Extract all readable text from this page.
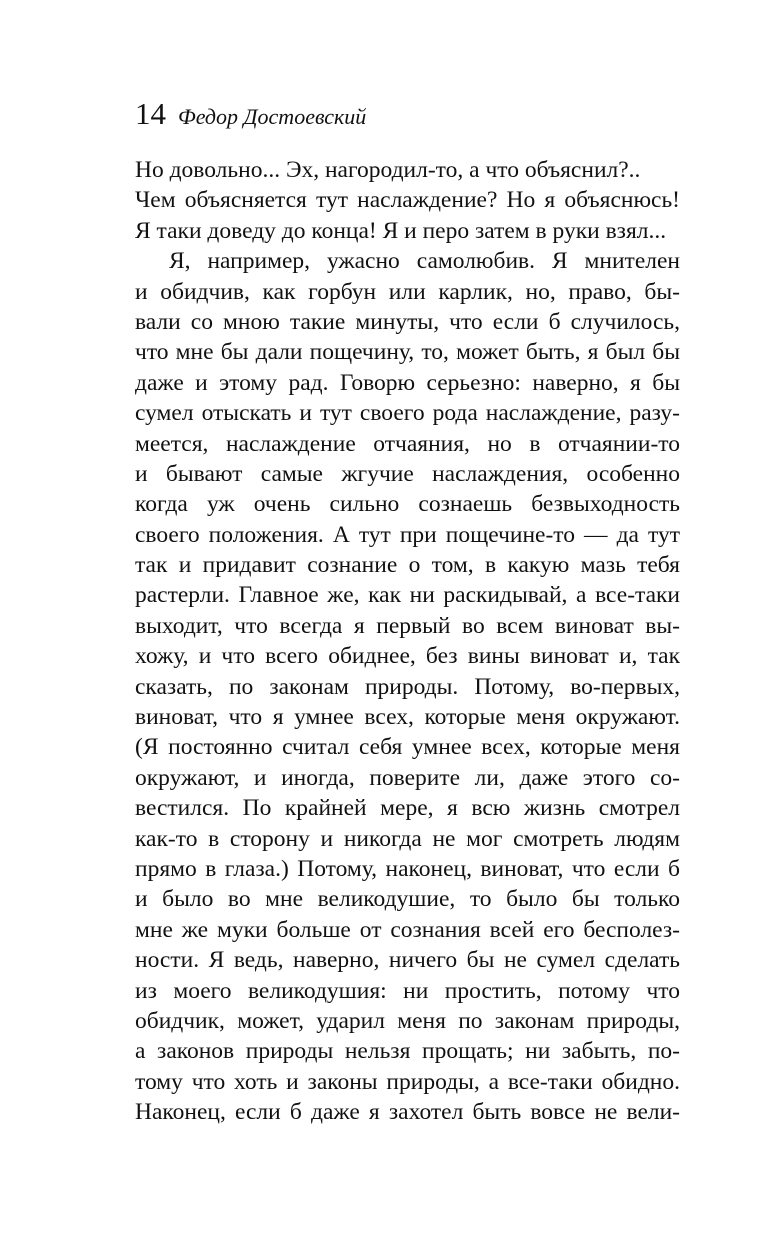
14 Федор Достоевский
Но довольно... Эх, нагородил-то, а что объяснил?..
Чем объясняется тут наслаждение? Но я объяснюсь!
Я таки доведу до конца! Я и перо затем в руки взял...
Я, например, ужасно самолюбив. Я мнителен
и обидчив, как горбун или карлик, но, право, бы-
вали со мною такие минуты, что если б случилось,
что мне бы дали пощечину, то, может быть, я был бы
даже и этому рад. Говорю серьезно: наверно, я бы
сумел отыскать и тут своего рода наслаждение, разу-
меется, наслаждение отчаяния, но в отчаянии-то
и бывают самые жгучие наслаждения, особенно
когда уж очень сильно сознаешь безвыходность
своего положения. А тут при пощечине-то — да тут
так и придавит сознание о том, в какую мазь тебя
растерли. Главное же, как ни раскидывай, а все-таки
выходит, что всегда я первый во всем виноват вы-
хожу, и что всего обиднее, без вины виноват и, так
сказать, по законам природы. Потому, во-первых,
виноват, что я умнее всех, которые меня окружают.
(Я постоянно считал себя умнее всех, которые меня
окружают, и иногда, поверите ли, даже этого со-
вестился. По крайней мере, я всю жизнь смотрел
как-то в сторону и никогда не мог смотреть людям
прямо в глаза.) Потому, наконец, виноват, что если б
и было во мне великодушие, то было бы только
мне же муки больше от сознания всей его бесполез-
ности. Я ведь, наверно, ничего бы не сумел сделать
из моего великодушия: ни простить, потому что
обидчик, может, ударил меня по законам природы,
а законов природы нельзя прощать; ни забыть, по-
тому что хоть и законы природы, а все-таки обидно.
Наконец, если б даже я захотел быть вовсе не вели-
